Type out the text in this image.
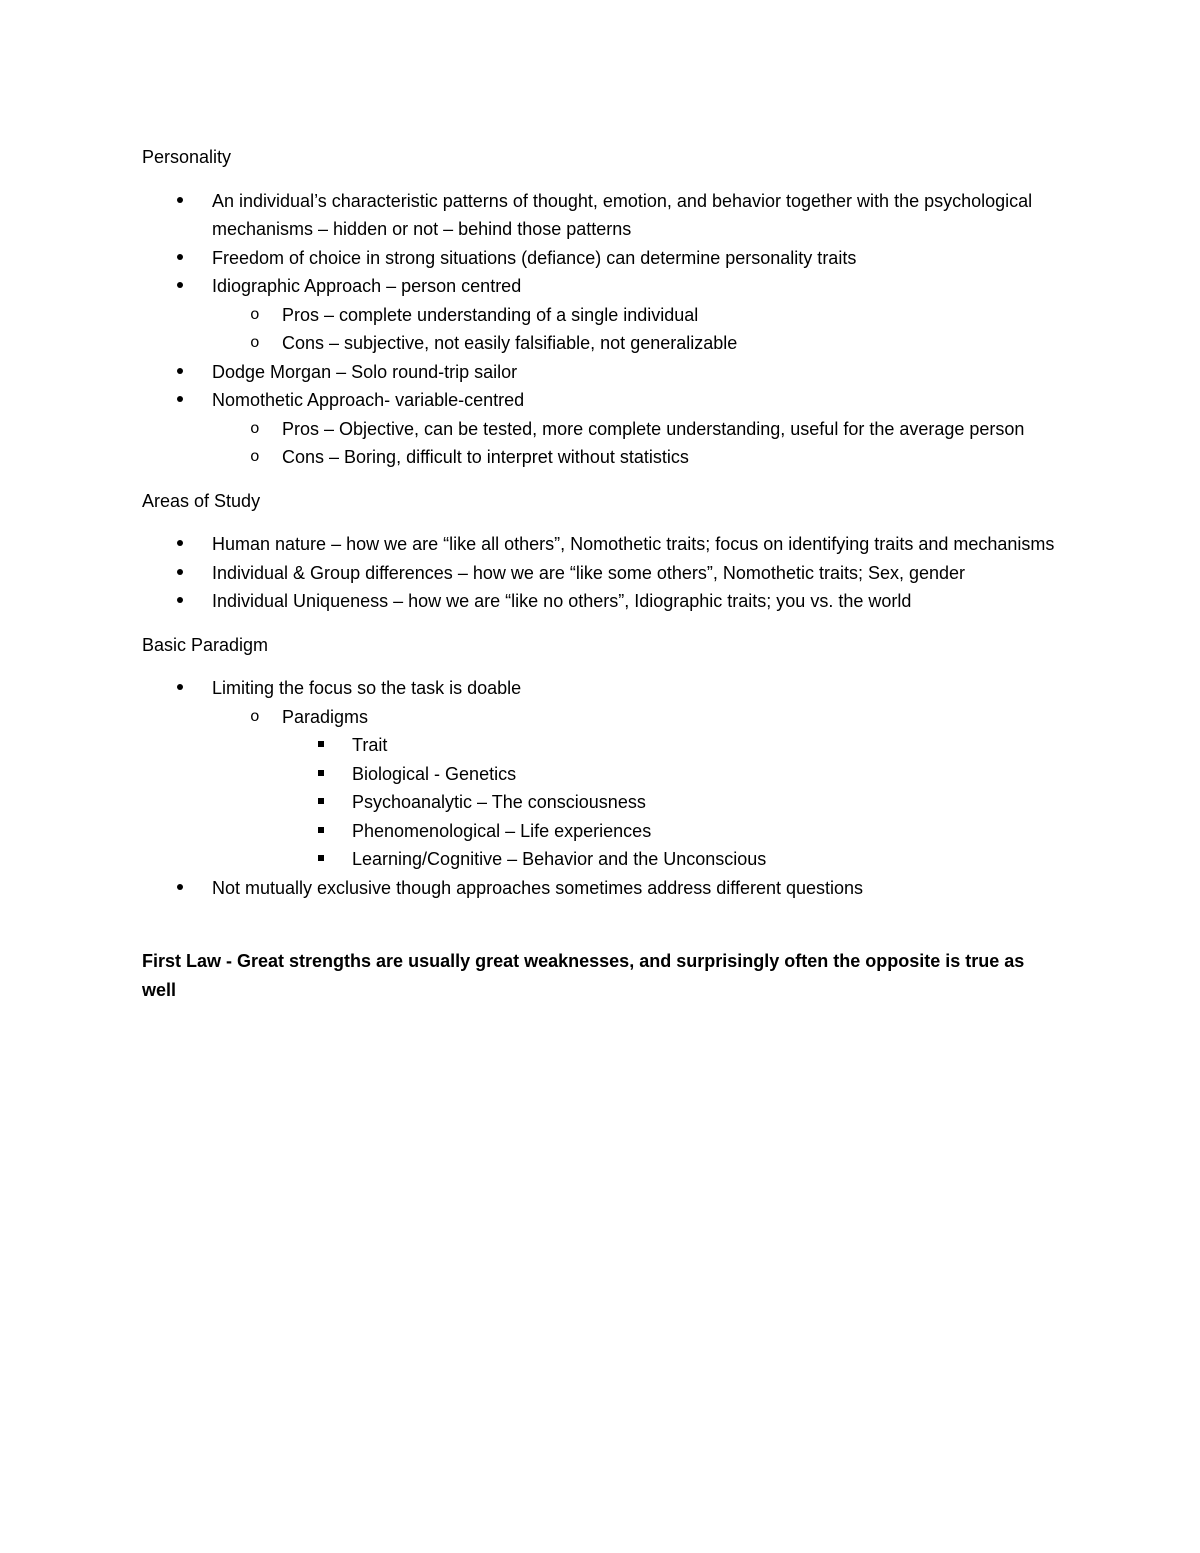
Personality
An individual’s characteristic patterns of thought, emotion, and behavior together with the psychological mechanisms – hidden or not – behind those patterns
Freedom of choice in strong situations (defiance) can determine personality traits
Idiographic Approach – person centred
o Pros – complete understanding of a single individual
o Cons – subjective, not easily falsifiable, not generalizable
Dodge Morgan – Solo round-trip sailor
Nomothetic Approach- variable-centred
o Pros – Objective, can be tested, more complete understanding, useful for the average person
o Cons – Boring, difficult to interpret without statistics
Areas of Study
Human nature – how we are “like all others”, Nomothetic traits; focus on identifying traits and mechanisms
Individual & Group differences – how we are “like some others”, Nomothetic traits; Sex, gender
Individual Uniqueness – how we are “like no others”, Idiographic traits; you vs. the world
Basic Paradigm
Limiting the focus so the task is doable
o Paradigms
Trait
Biological - Genetics
Psychoanalytic – The consciousness
Phenomenological – Life experiences
Learning/Cognitive – Behavior and the Unconscious
Not mutually exclusive though approaches sometimes address different questions
First Law - Great strengths are usually great weaknesses, and surprisingly often the opposite is true as well
